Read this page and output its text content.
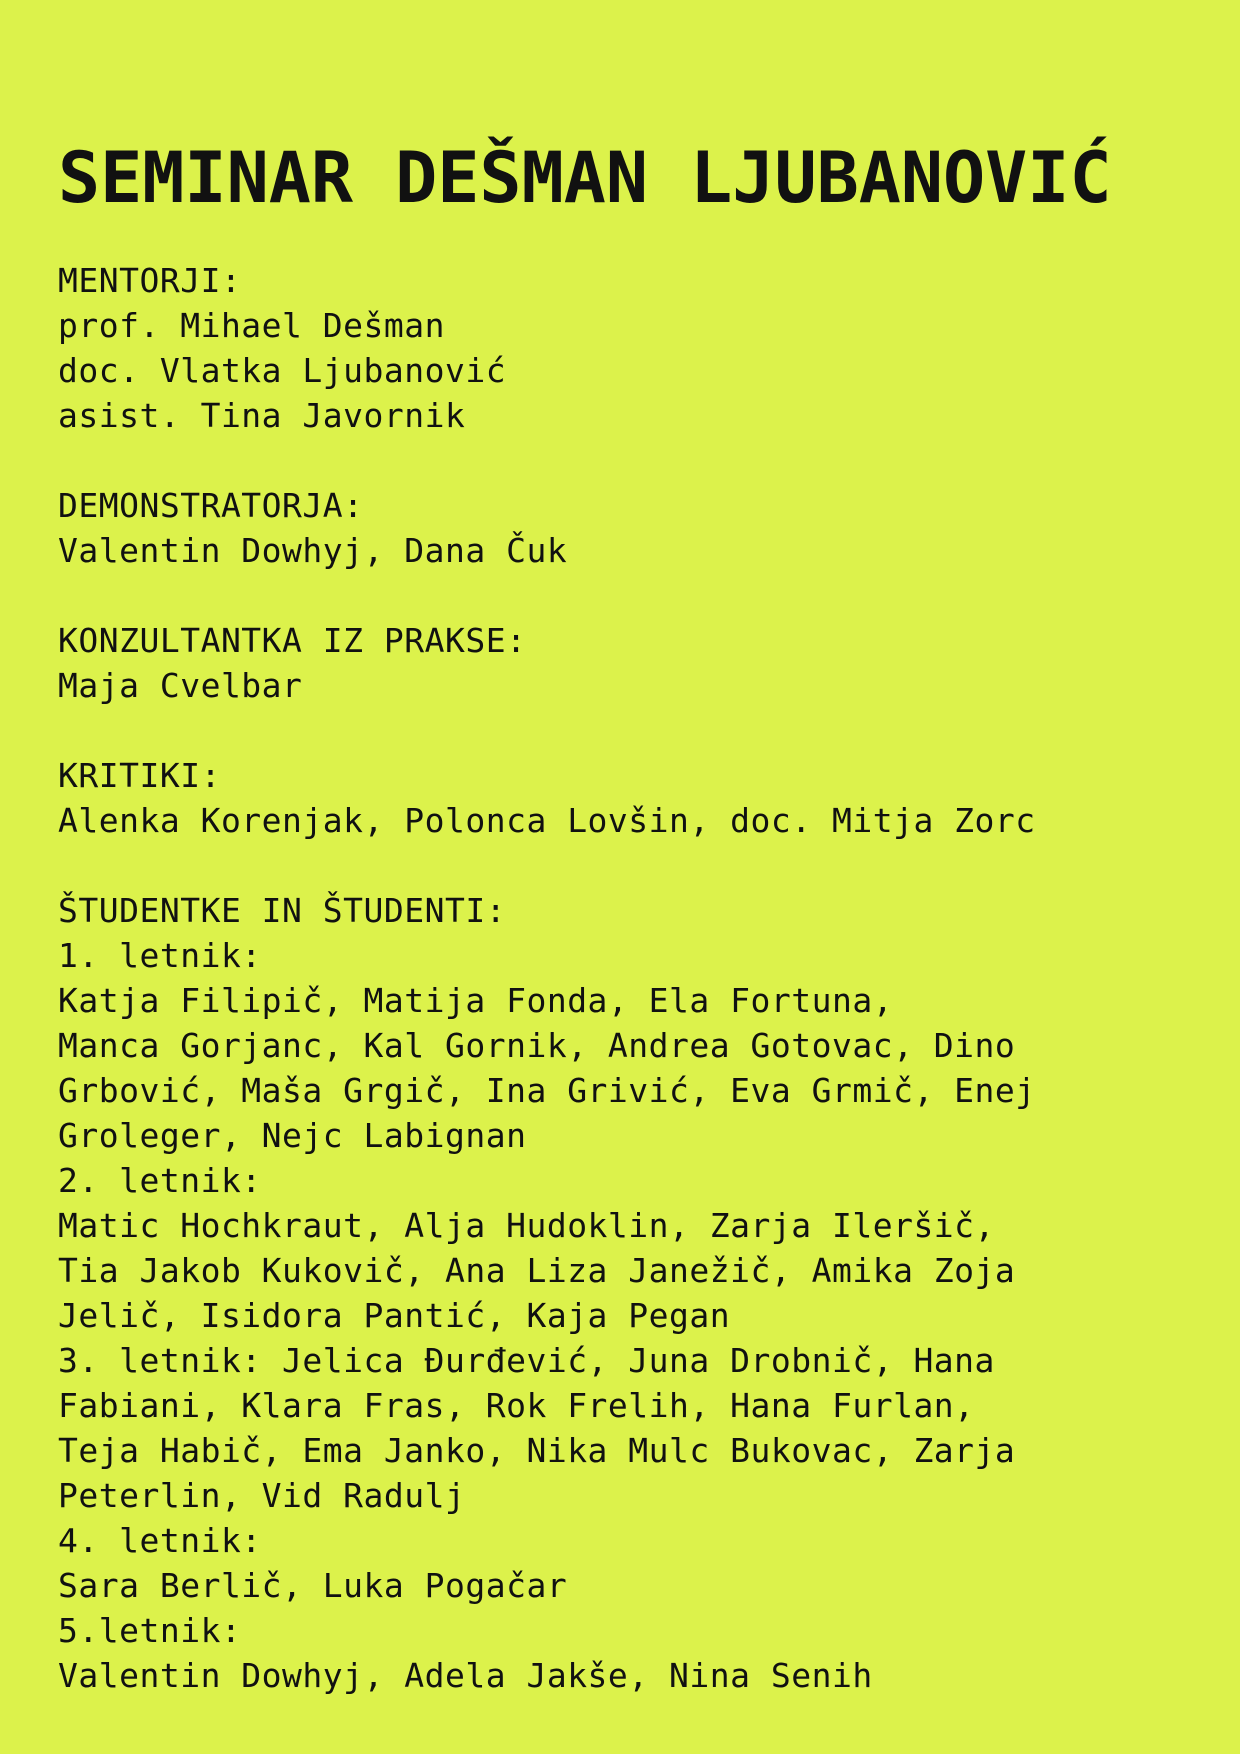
SEMINAR DEŠMAN LJUBANOVIĆ
MENTORJI:
prof. Mihael Dešman
doc. Vlatka Ljubanović
asist. Tina Javornik
DEMONSTRATORJA:
Valentin Dowhyj, Dana Čuk
KONZULTANTKA IZ PRAKSE:
Maja Cvelbar
KRITIKI:
Alenka Korenjak, Polonca Lovšin, doc. Mitja Zorc
ŠTUDENTKE IN ŠTUDENTI:
1. letnik:
Katja Filipič, Matija Fonda, Ela Fortuna,
Manca Gorjanc, Kal Gornik, Andrea Gotovac, Dino
Grbović, Maša Grgič, Ina Grivić, Eva Grmič, Enej
Groleger, Nejc Labignan
2. letnik:
Matic Hochkraut, Alja Hudoklin, Zarja Ileršič,
Tia Jakob Kukovič, Ana Liza Janežič, Amika Zoja
Jelič, Isidora Pantić, Kaja Pegan
3. letnik: Jelica Đurđević, Juna Drobnič, Hana
Fabiani, Klara Fras, Rok Frelih, Hana Furlan,
Teja Habič, Ema Janko, Nika Mulc Bukovac, Zarja
Peterlin, Vid Radulj
4. letnik:
Sara Berlič, Luka Pogačar
5.letnik:
Valentin Dowhyj, Adela Jakše, Nina Senih
